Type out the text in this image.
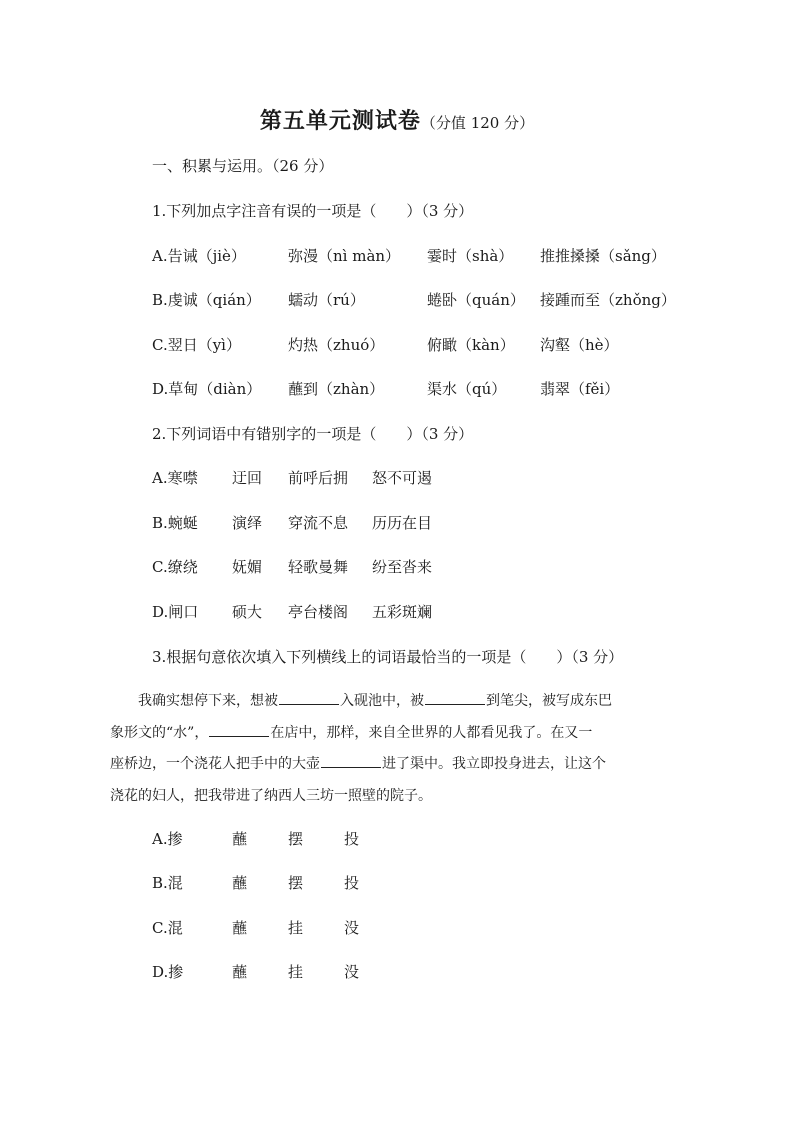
第五单元测试卷（分值 120 分）
一、积累与运用。（26 分）
1.下列加点字注音有误的一项是（　　）（3 分）
A.告诫（jiè）	弥漫（nì màn） 霎时（shà） 推推搡搡（sǎng）
B.虔诚（qián） 蠕动（rú）	蜷卧（quán） 接踵而至（zhǒng）
C.翌日（yì）	灼热（zhuó）	俯瞰（kàn） 沟壑（hè）
D.草甸（diàn） 蘸到（zhàn）	渠水（qú） 翡翠（fěi）
2.下列词语中有错别字的一项是（　　）（3 分）
A.寒噤 迂回 前呼后拥 怒不可遏
B.蜿蜒 演绎 穿流不息 历历在目
C.缭绕 妩媚 轻歌曼舞 纷至沓来
D.闸口 硕大 亭台楼阁 五彩斑斓
3.根据句意依次填入下列横线上的词语最恰当的一项是（　　）（3 分）
我确实想停下来，想被	入砚池中，被	到笔尖，被写成东巴
象形文的“水”，	在店中，那样，来自全世界的人都看见我了。在又一
座桥边，一个浇花人把手中的大壶	进了渠中。我立即投身进去，让这个
浇花的妇人，把我带进了纳西人三坊一照壁的院子。
A.掺	蘸	摆	投
B.混	蘸	摆	投
C.混	蘸	挂	没
D.掺	蘸	挂	没
